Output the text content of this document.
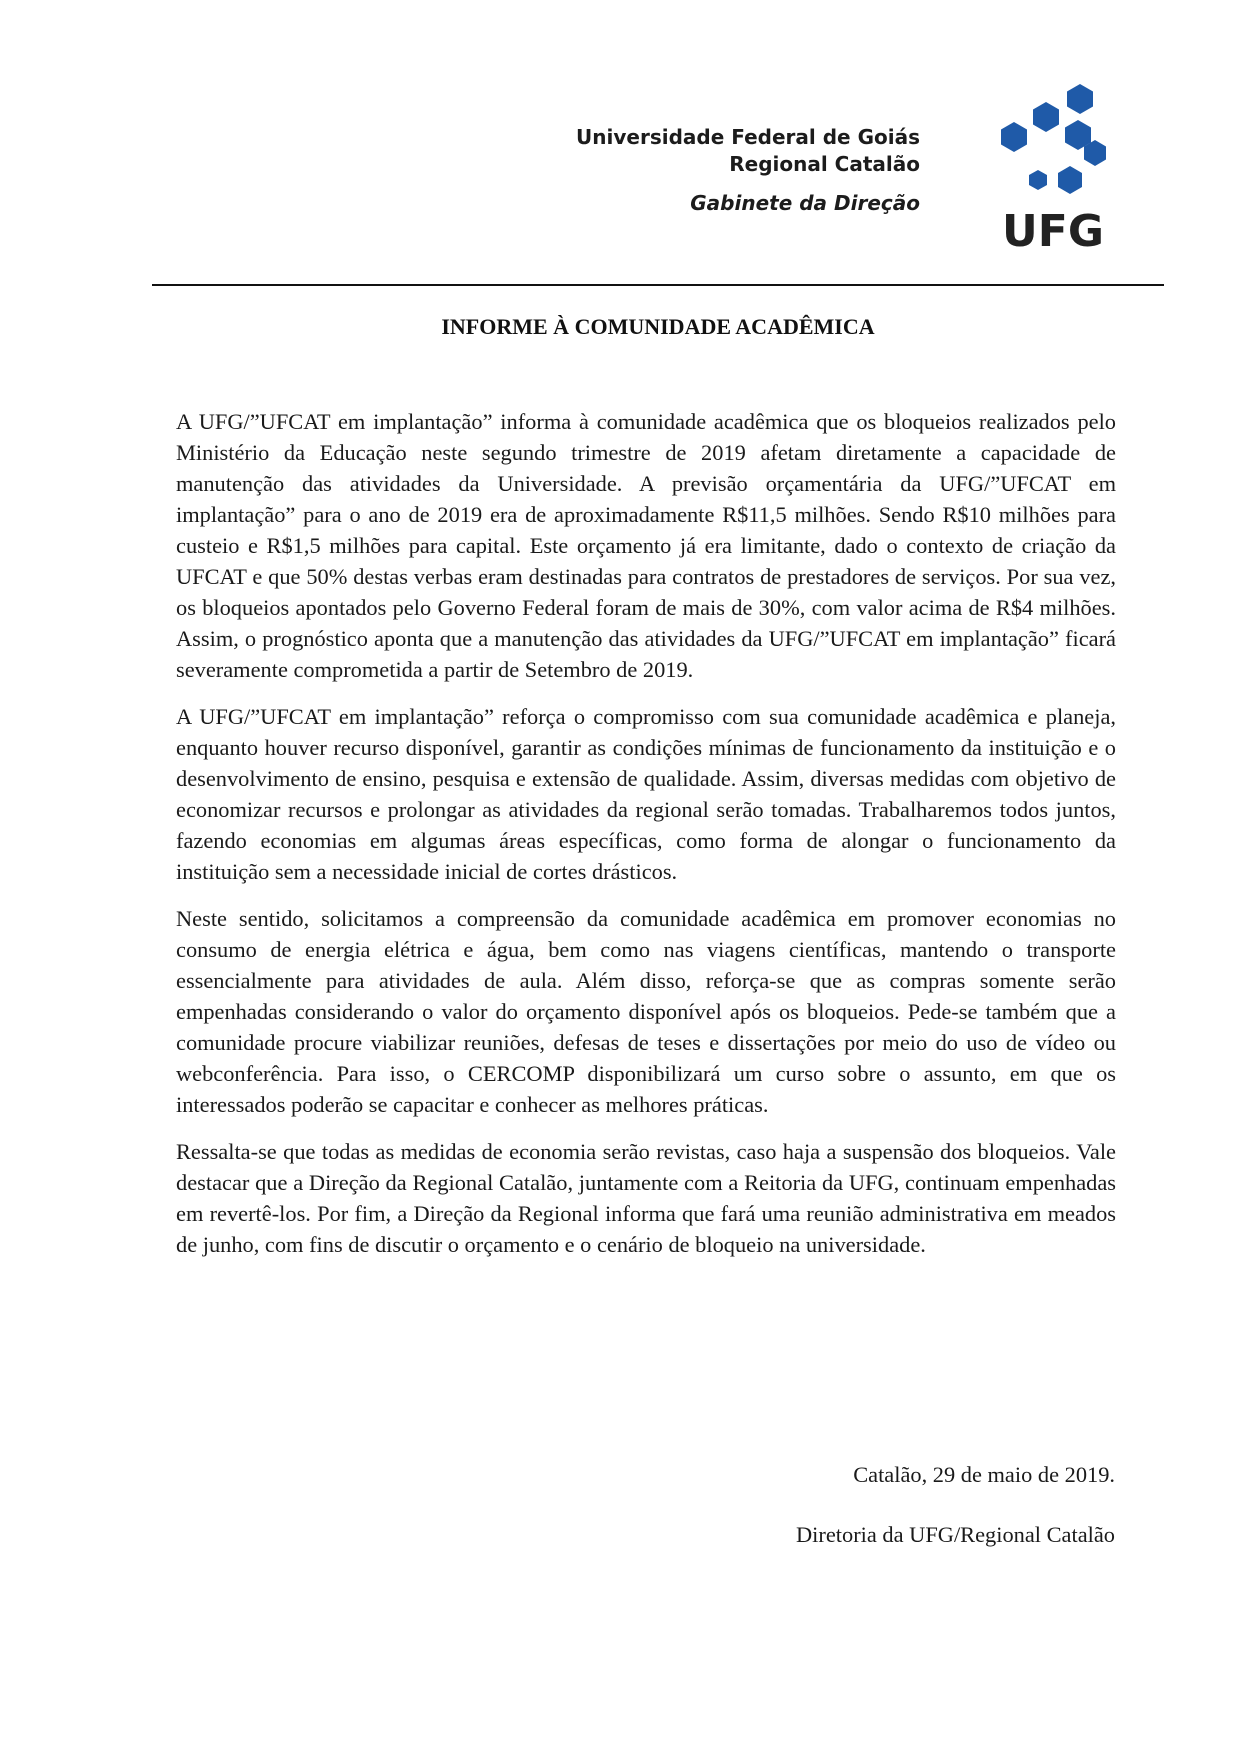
Universidade Federal de Goiás
Regional Catalão
Gabinete da Direção
UFG
INFORME À COMUNIDADE ACADÊMICA

A UFG/”UFCAT em implantação” informa à comunidade acadêmica que os bloqueios realizados pelo Ministério da Educação neste segundo trimestre de 2019 afetam diretamente a capacidade de manutenção das atividades da Universidade. A previsão orçamentária da UFG/”UFCAT em implantação” para o ano de 2019 era de aproximadamente R$11,5 milhões. Sendo R$10 milhões para custeio e R$1,5 milhões para capital. Este orçamento já era limitante, dado o contexto de criação da UFCAT e que 50% destas verbas eram destinadas para contratos de prestadores de serviços. Por sua vez, os bloqueios apontados pelo Governo Federal foram de mais de 30%, com valor acima de R$4 milhões. Assim, o prognóstico aponta que a manutenção das atividades da UFG/”UFCAT em implantação” ficará severamente comprometida a partir de Setembro de 2019.

A UFG/”UFCAT em implantação” reforça o compromisso com sua comunidade acadêmica e planeja, enquanto houver recurso disponível, garantir as condições mínimas de funcionamento da instituição e o desenvolvimento de ensino, pesquisa e extensão de qualidade. Assim, diversas medidas com objetivo de economizar recursos e prolongar as atividades da regional serão tomadas. Trabalharemos todos juntos, fazendo economias em algumas áreas específicas, como forma de alongar o funcionamento da instituição sem a necessidade inicial de cortes drásticos.

Neste sentido, solicitamos a compreensão da comunidade acadêmica em promover economias no consumo de energia elétrica e água, bem como nas viagens científicas, mantendo o transporte essencialmente para atividades de aula. Além disso, reforça-se que as compras somente serão empenhadas considerando o valor do orçamento disponível após os bloqueios. Pede-se também que a comunidade procure viabilizar reuniões, defesas de teses e dissertações por meio do uso de vídeo ou webconferência. Para isso, o CERCOMP disponibilizará um curso sobre o assunto, em que os interessados poderão se capacitar e conhecer as melhores práticas.

Ressalta-se que todas as medidas de economia serão revistas, caso haja a suspensão dos bloqueios. Vale destacar que a Direção da Regional Catalão, juntamente com a Reitoria da UFG, continuam empenhadas em revertê-los. Por fim, a Direção da Regional informa que fará uma reunião administrativa em meados de junho, com fins de discutir o orçamento e o cenário de bloqueio na universidade.

Catalão, 29 de maio de 2019.
Diretoria da UFG/Regional Catalão
